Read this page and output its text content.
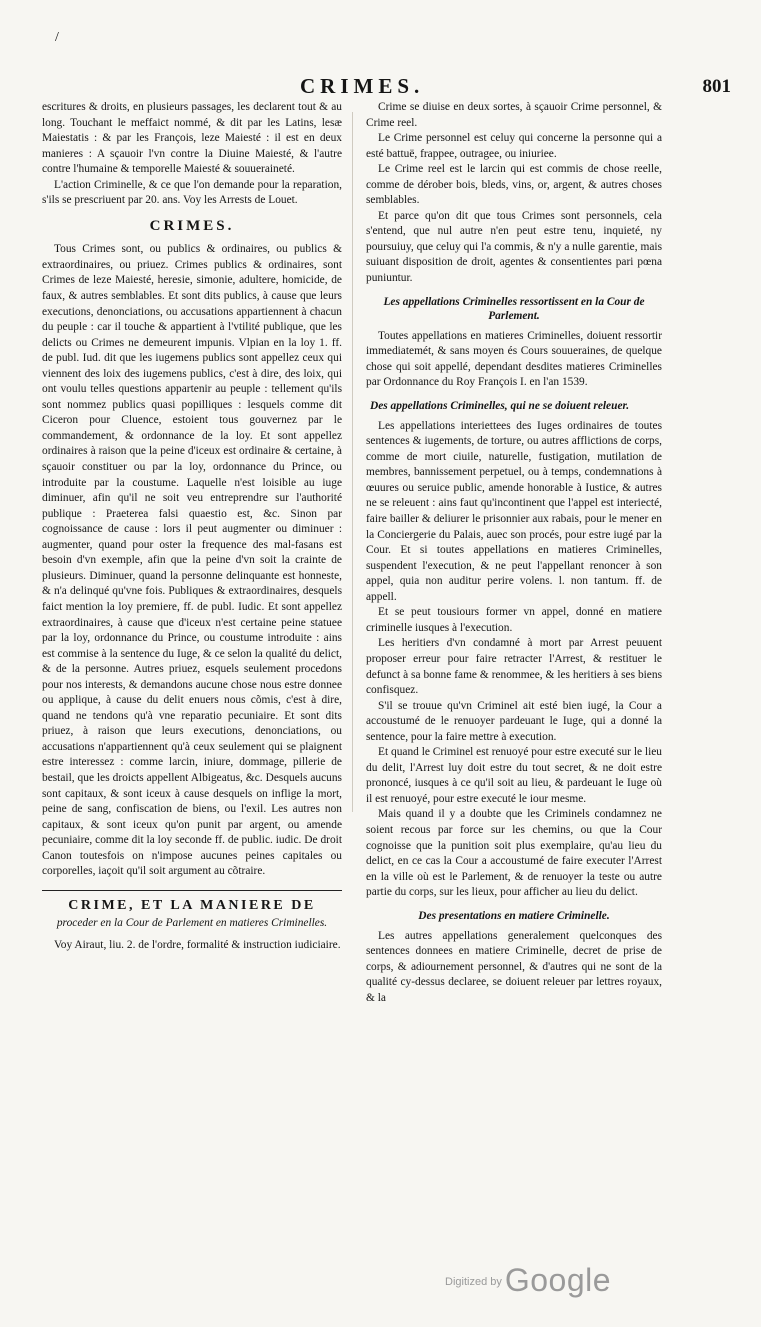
/
CRIMES.	801

escritures & droits, en plusieurs passages, les declarent tout & au long. Touchant le meffaict nommé, & dit par les Latins, lesæ Maiestatis : & par les François, leze Maiesté : il est en deux manieres : A sçauoir l'vn contre la Diuine Maiesté, & l'autre contre l'humaine & temporelle Maiesté & souueraineté.

L'action Criminelle, & ce que l'on demande pour la reparation, s'ils se prescriuent par 20. ans. Voy les Arrests de Louet.

CRIMES.

Tous Crimes sont, ou publics & ordinaires, ou publics & extraordinaires, ou priuez. Crimes publics & ordinaires, sont Crimes de leze Maiesté, heresie, simonie, adultere, homicide, de faux, & autres semblables. Et sont dits publics, à cause que leurs executions, denonciations, ou accusations appartiennent à chacun du peuple : car il touche & appartient à l'vtilité publique, que les delicts ou Crimes ne demeurent impunis. Vlpian en la loy 1. ff. de publ. Iud. dit que les iugemens publics sont appellez ceux qui viennent des loix des iugemens publics, c'est à dire, des loix, qui ont voulu telles questions appartenir au peuple : tellement qu'ils sont nommez publics quasi popilliques : lesquels comme dit Ciceron pour Cluence, estoient tous gouvernez par le commandement, & ordonnance de la loy. Et sont appellez ordinaires à raison que la peine d'iceux est ordinaire & certaine, à sçauoir constituer ou par la loy, ordonnance du Prince, ou introduite par la coustume. Laquelle n'est loisible au iuge diminuer, afin qu'il ne soit veu entreprendre sur l'authorité publique : Praeterea falsi quaestio est, &c. Sinon par cognoissance de cause : lors il peut augmenter ou diminuer : augmenter, quand pour oster la frequence des mal-fasans est besoin d'vn exemple, afin que la peine d'vn soit la crainte de plusieurs. Diminuer, quand la personne delinquante est honneste, & n'a delinqué qu'vne fois. Publiques & extraordinaires, desquels faict mention la loy premiere, ff. de publ. Iudic. Et sont appellez extraordinaires, à cause que d'iceux n'est certaine peine statuee par la loy, ordonnance du Prince, ou coustume introduite : ains est commise à la sentence du Iuge, & ce selon la qualité du delict, & de la personne. Autres priuez, esquels seulement procedons pour nos interests, & demandons aucune chose nous estre donnee ou applique, à cause du delit enuers nous cõmis, c'est à dire, quand ne tendons qu'à vne reparatio pecuniaire. Et sont dits priuez, à raison que leurs executions, denonciations, ou accusations n'appartiennent qu'à ceux seulement qui se plaignent estre interessez : comme larcin, iniure, dommage, pillerie de bestail, que les droicts appellent Albigeatus, &c. Desquels aucuns sont capitaux, & sont iceux à cause desquels on inflige la mort, peine de sang, confiscation de biens, ou l'exil. Les autres non capitaux, & sont iceux qu'on punit par argent, ou amende pecuniaire, comme dit la loy seconde ff. de public. iudic. De droit Canon toutesfois on n'impose aucunes peines capitales ou corporelles, iaçoit qu'il soit argument au cõtraire.

CRIME, ET LA MANIERE DE
proceder en la Cour de Parlement en matieres Criminelles.

Voy Airaut, liu. 2. de l'ordre, formalité & instruction iudiciaire.

Crime se diuise en deux sortes, à sçauoir Crime personnel, & Crime reel.

Le Crime personnel est celuy qui concerne la personne qui a esté battuë, frappee, outragee, ou iniuriee.

Le Crime reel est le larcin qui est commis de chose reelle, comme de dérober bois, bleds, vins, or, argent, & autres choses semblables.

Et parce qu'on dit que tous Crimes sont personnels, cela s'entend, que nul autre n'en peut estre tenu, inquieté, ny poursuiuy, que celuy qui l'a commis, & n'y a nulle garentie, mais suiuant disposition de droit, agentes & consentientes pari pœna puniuntur.

Les appellations Criminelles ressortissent en la Cour de Parlement.

Toutes appellations en matieres Criminelles, doiuent ressortir immediatemét, & sans moyen és Cours souueraines, de quelque chose qui soit appellé, dependant desdites matieres Criminelles par Ordonnance du Roy François I. en l'an 1539.

Des appellations Criminelles, qui ne se doiuent releuer.

Les appellations interiettees des Iuges ordinaires de toutes sentences & iugements, de torture, ou autres afflictions de corps, comme de mort ciuile, naturelle, fustigation, mutilation de membres, bannissement perpetuel, ou à temps, condemnations à œuures ou seruice public, amende honorable à Iustice, & autres ne se releuent : ains faut qu'incontinent que l'appel est interiecté, faire bailler & deliurer le prisonnier aux rabais, pour le mener en la Conciergerie du Palais, auec son procés, pour estre iugé par la Cour. Et si toutes appellations en matieres Criminelles, suspendent l'execution, & ne peut l'appellant renoncer à son appel, quia non auditur perire volens. l. non tantum. ff. de appell.

Et se peut tousiours former vn appel, donné en matiere criminelle iusques à l'execution.

Les heritiers d'vn condamné à mort par Arrest peuuent proposer erreur pour faire retracter l'Arrest, & restituer le defunct à sa bonne fame & renommee, & les heritiers à ses biens confisquez.

S'il se trouue qu'vn Criminel ait esté bien iugé, la Cour a accoustumé de le renuoyer pardeuant le Iuge, qui a donné la sentence, pour la faire mettre à execution.

Et quand le Criminel est renuoyé pour estre executé sur le lieu du delit, l'Arrest luy doit estre du tout secret, & ne doit estre prononcé, iusques à ce qu'il soit au lieu, & pardeuant le Iuge où il est renuoyé, pour estre executé le iour mesme.

Mais quand il y a doubte que les Criminels condamnez ne soient recous par force sur les chemins, ou que la Cour cognoisse que la punition soit plus exemplaire, qu'au lieu du delict, en ce cas la Cour a accoustumé de faire executer l'Arrest en la ville où est le Parlement, & de renuoyer la teste ou autre partie du corps, sur les lieux, pour afficher au lieu du delict.

Des presentations en matiere Criminelle.

Les autres appellations generalement quelconques des sentences donnees en matiere Criminelle, decret de prise de corps, & adiournement personnel, & d'autres qui ne sont de la qualité cy-dessus declaree, se doiuent releuer par lettres royaux, & la

$^{Digitized by}$Google
